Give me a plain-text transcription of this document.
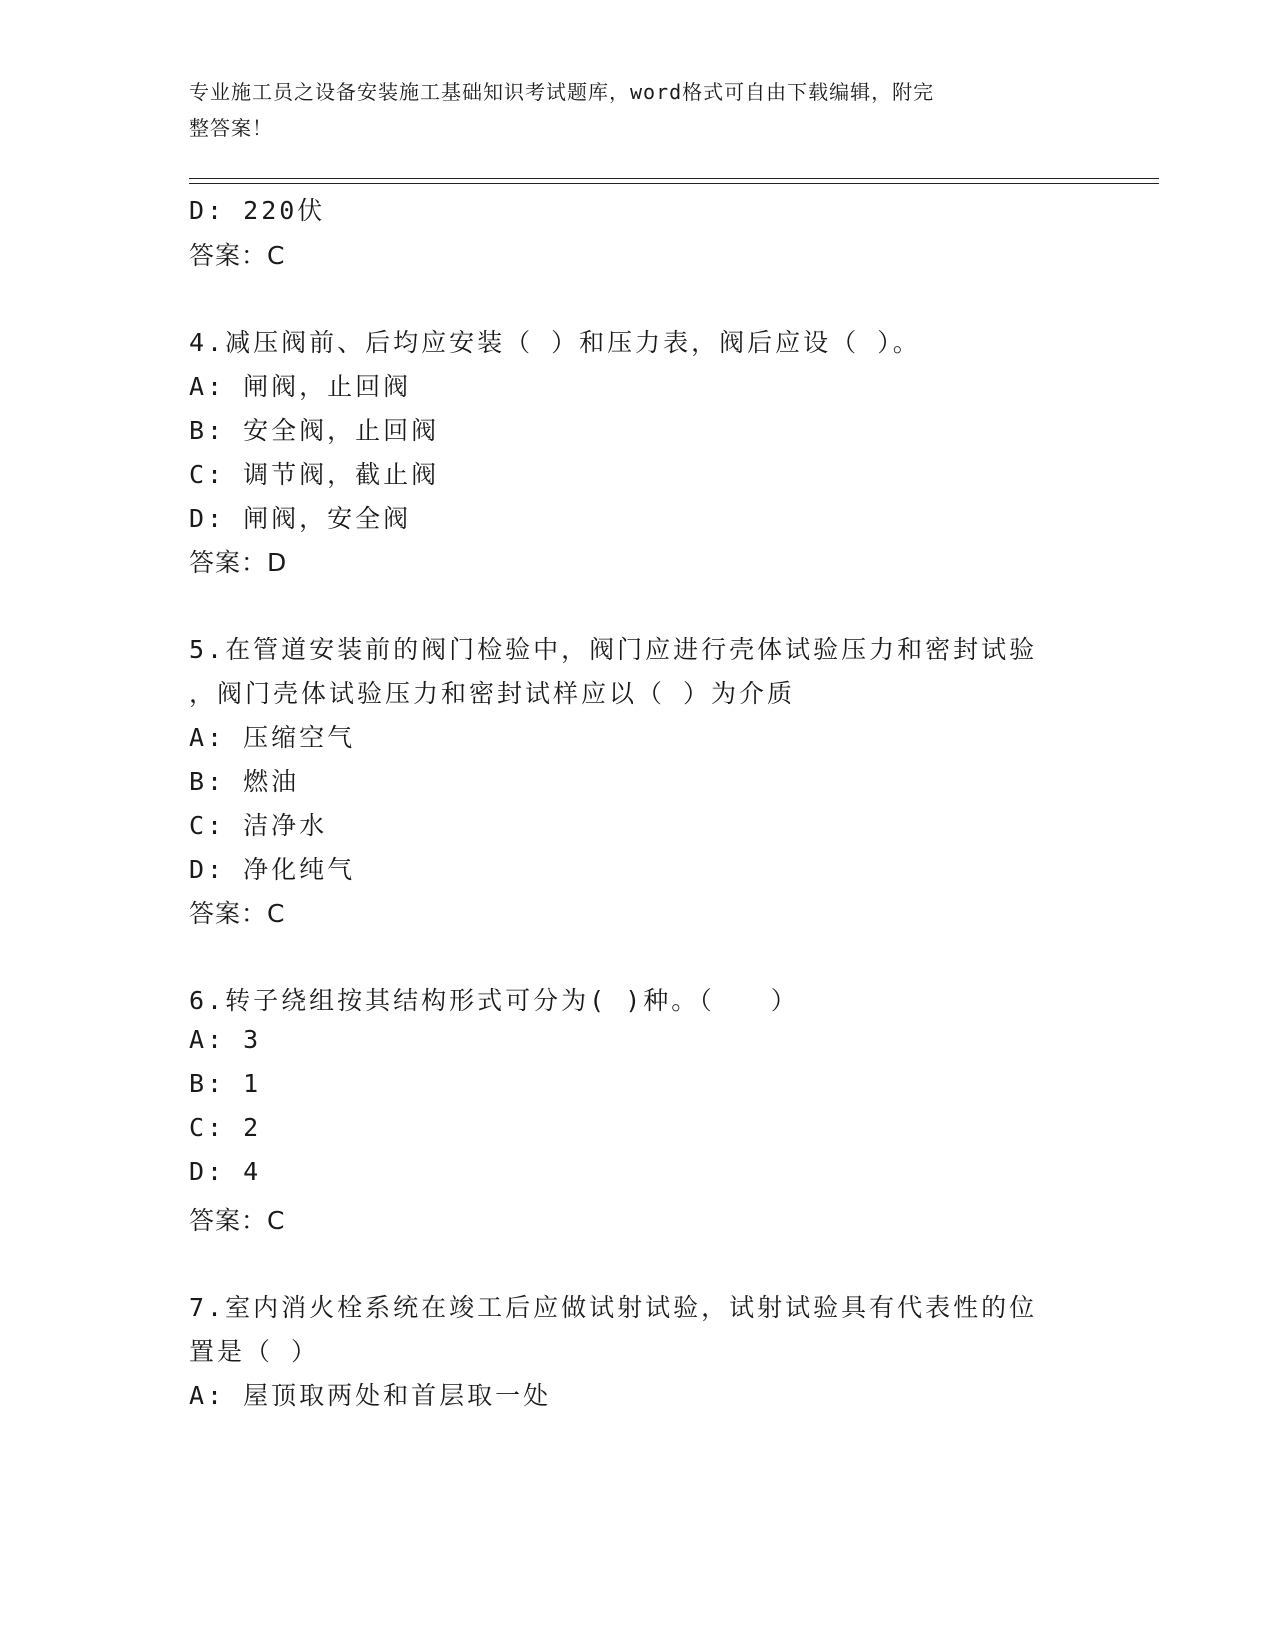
专业施工员之设备安装施工基础知识考试题库，word格式可自由下载编辑，附完
整答案！
D: 220伏
答案：C
4.减压阀前、后均应安装（ ）和压力表，阀后应设（ ）。
A: 闸阀，止回阀
B: 安全阀，止回阀
C: 调节阀，截止阀
D: 闸阀，安全阀
答案：D
5.在管道安装前的阀门检验中，阀门应进行壳体试验压力和密封试验
，阀门壳体试验压力和密封试样应以（ ）为介质
A: 压缩空气
B: 燃油
C: 洁净水
D: 净化纯气
答案：C
6.转子绕组按其结构形式可分为( )种。（　　）
A: 3
B: 1
C: 2
D: 4
答案：C
7.室内消火栓系统在竣工后应做试射试验，试射试验具有代表性的位
置是（ ）
A: 屋顶取两处和首层取一处
